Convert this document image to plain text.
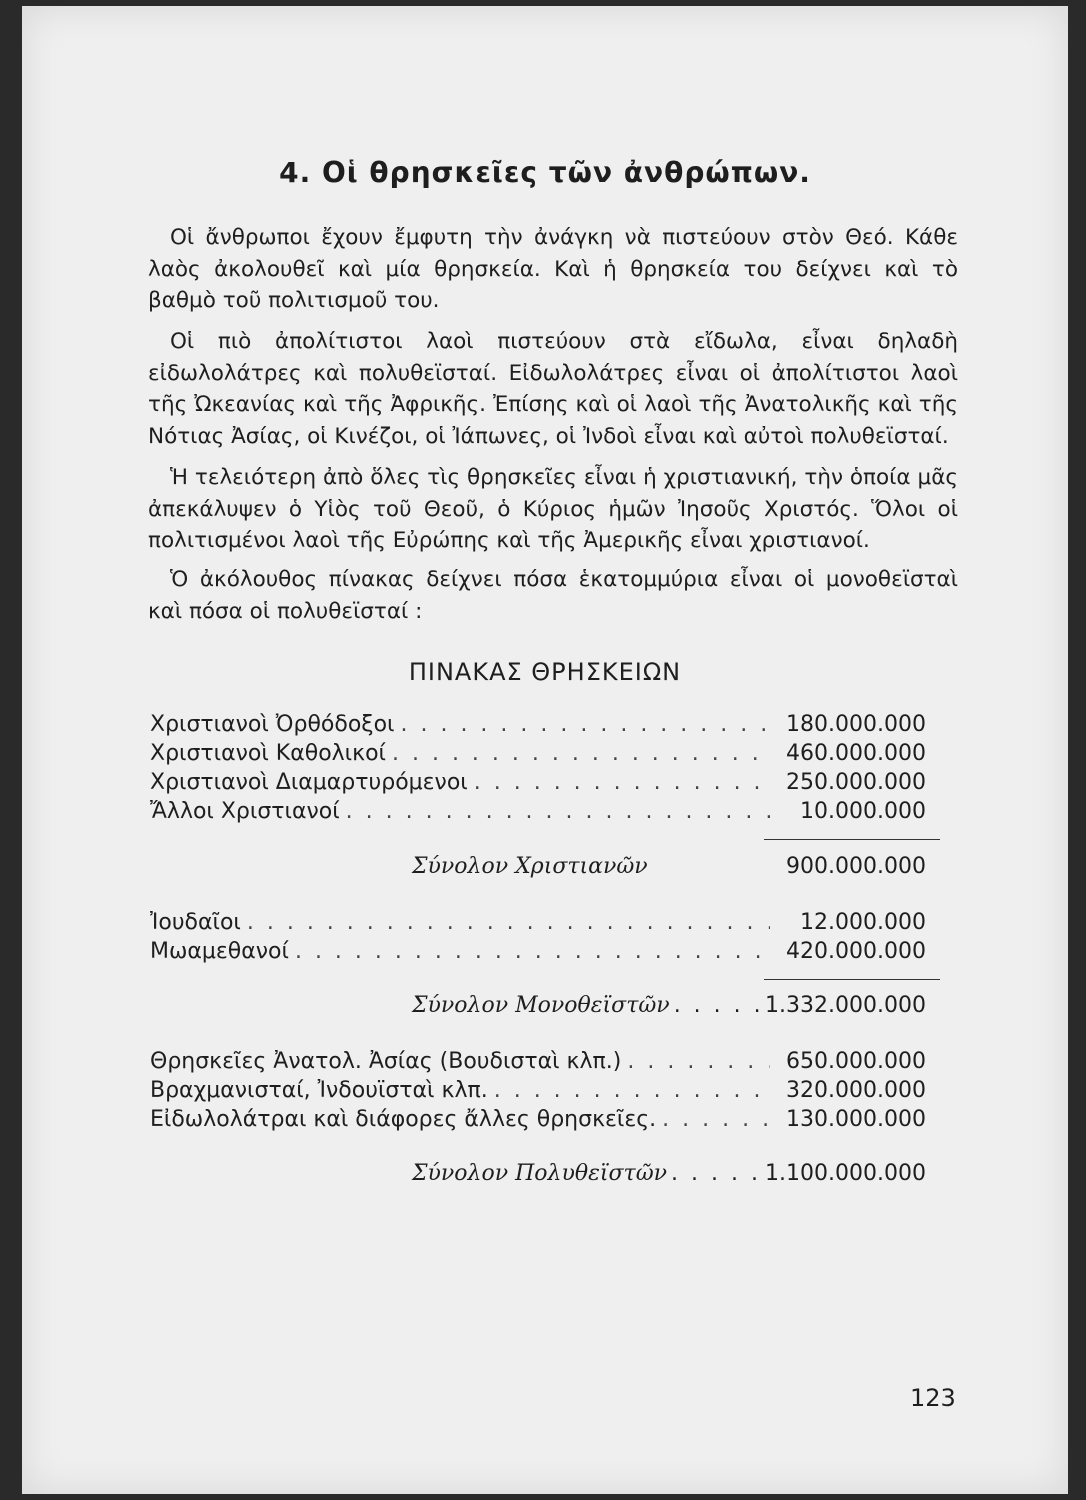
4. Οἱ θρησκεῖες τῶν ἀνθρώπων.

Οἱ ἄνθρωποι ἔχουν ἔμφυτη τὴν ἀνάγκη νὰ πιστεύουν στὸν Θεό. Κάθε λαὸς ἀκολουθεῖ καὶ μία θρησκεία. Καὶ ἡ θρησκεία του δείχνει καὶ τὸ βαθμὸ τοῦ πολιτισμοῦ του.

Οἱ πιὸ ἀπολίτιστοι λαοὶ πιστεύουν στὰ εἴδωλα, εἶναι δηλαδὴ εἰδωλολάτρες καὶ πολυθεϊσταί. Εἰδωλολάτρες εἶναι οἱ ἀπολίτιστοι λαοὶ τῆς Ὠκεανίας καὶ τῆς Ἀφρικῆς. Ἐπίσης καὶ οἱ λαοὶ τῆς Ἀνατολικῆς καὶ τῆς Νότιας Ἀσίας, οἱ Κινέζοι, οἱ Ἰάπωνες, οἱ Ἰνδοὶ εἶναι καὶ αὐτοὶ πολυθεϊσταί.

Ἡ τελειότερη ἀπὸ ὅλες τὶς θρησκεῖες εἶναι ἡ χριστιανική, τὴν ὁποία μᾶς ἀπεκάλυψεν ὁ Υἱὸς τοῦ Θεοῦ, ὁ Κύριος ἡμῶν Ἰησοῦς Χριστός. Ὅλοι οἱ πολιτισμένοι λαοὶ τῆς Εὐρώπης καὶ τῆς Ἀμερικῆς εἶναι χριστιανοί.

Ὁ ἀκόλουθος πίνακας δείχνει πόσα ἑκατομμύρια εἶναι οἱ μονοθεϊσταὶ καὶ πόσα οἱ πολυθεϊσταί :

ΠΙΝΑΚΑΣ ΘΡΗΣΚΕΙΩΝ
Χριστιανοὶ Ὀρθόδοξοι . . .	180.000.000
Χριστιανοὶ Καθολικοί . . .	460.000.000
Χριστιανοὶ Διαμαρτυρόμενοι . . .	250.000.000
Ἄλλοι Χριστιανοί . . .	10.000.000
Σύνολον Χριστιανῶν	900.000.000
Ἰουδαῖοι . . .	12.000.000
Μωαμεθανοί . . .	420.000.000
Σύνολον Μονοθεϊστῶν . . .	1.332.000.000
Θρησκεῖες Ἀνατολ. Ἀσίας (Βουδισταὶ κλπ.) . . .	650.000.000
Βραχμανισταί, Ἰνδουϊσταὶ κλπ. . . .	320.000.000
Εἰδωλολάτραι καὶ διάφορες ἄλλες θρησκεῖες. . . .	130.000.000
Σύνολον Πολυθεϊστῶν . . .	1.100.000.000
123
